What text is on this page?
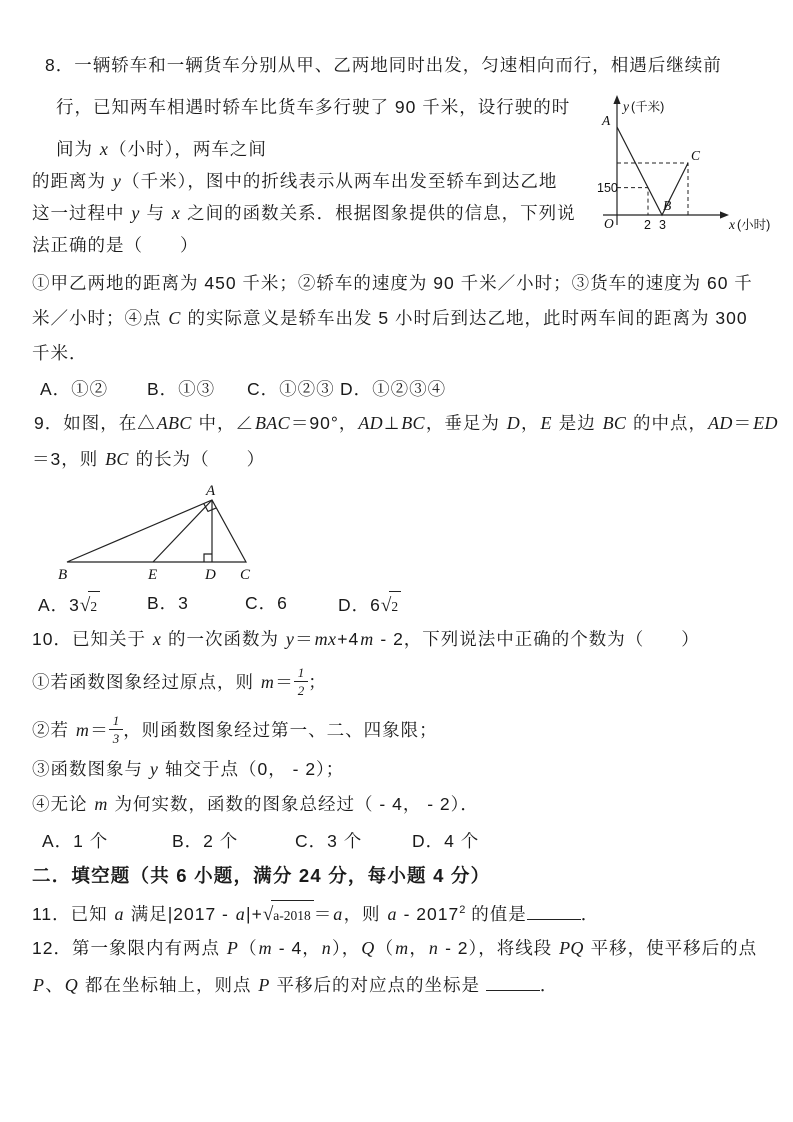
8．一辆轿车和一辆货车分别从甲、乙两地同时出发，匀速相向而行，相遇后继续前
行，已知两车相遇时轿车比货车多行驶了 90 千米，设行驶的时
间为 x（小时），两车之间
的距离为 y（千米），图中的折线表示从两车出发至轿车到达乙地
这一过程中 y 与 x 之间的函数关系．根据图象提供的信息，下列说
法正确的是（　　）
①甲乙两地的距离为 450 千米；②轿车的速度为 90 千米／小时；③货车的速度为 60 千
米／小时；④点 C 的实际意义是轿车出发 5 小时后到达乙地，此时两车间的距离为 300
千米．
A．①② B．①③ C．①②③ D．①②③④
y (千米)
A
150
O 2 3
B
C
x (小时)
9．如图，在△ABC 中，∠BAC＝90°，AD⊥BC，垂足为 D，E 是边 BC 的中点，AD＝ED
＝3，则 BC 的长为（　　）
A
B	E	D C
A．3√2	B．3	C．6	D．6√2
10．已知关于 x 的一次函数为 y＝mx+4m - 2，下列说法中正确的个数为（　　）
①若函数图象经过原点，则 $m= \frac{1}{2}$ ；
②若 $m= \frac{1}{3}$ ，则函数图象经过第一、二、四象限；
③函数图象与 y 轴交于点（0， - 2）；
④无论 m 为何实数，函数的图象总经过（ - 4， - 2）．
A．1 个	B．2 个	C．3 个	D．4 个
二．填空题（共 6 小题，满分 24 分，每小题 4 分）
11．已知 a 满足|2017 - a|+√a-2018 ＝a，则 a - 2017$^2$ 的值是	．
12．第一象限内有两点 P（m - 4，n），Q（m，n - 2），将线段 PQ 平移，使平移后的点
P、Q 都在坐标轴上，则点 P 平移后的对应点的坐标是	．
